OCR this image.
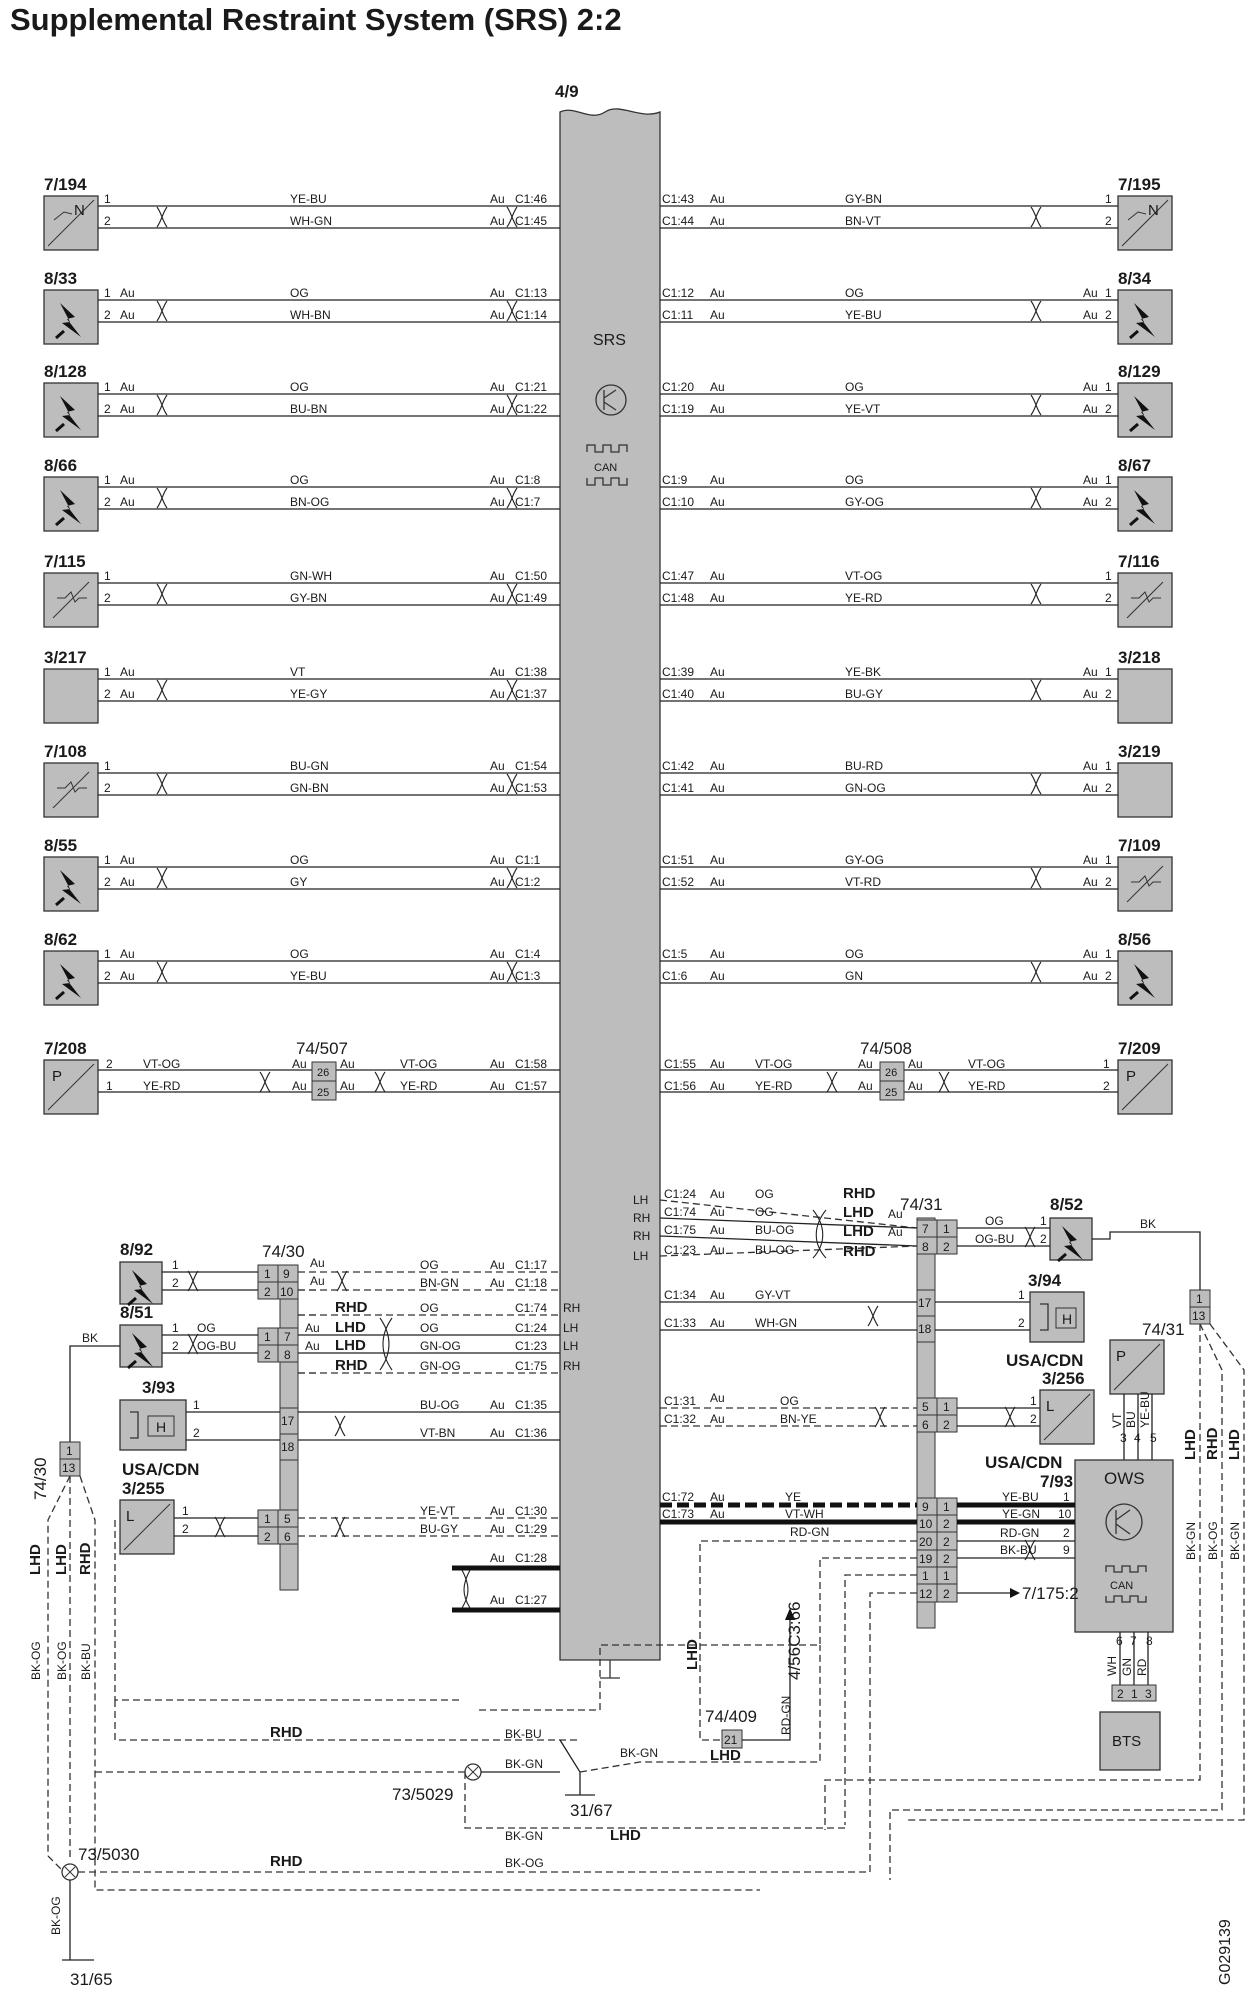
Supplemental Restraint System (SRS) 2:2
4/9
SRS
CAN
N
7/194
8/33
8/128
8/66
7/115
3/217
7/108
8/55
8/62
P
7/208
N
7/195
8/34
8/129
8/67
7/116
3/218
3/219
7/109
8/56
P
7/209
1
2
YE-BU
WH-GN
Au
Au
C1:46
C1:45
1
2
Au
Au
OG
WH-BN
Au
Au
C1:13
C1:14
1
2
Au
Au
OG
BU-BN
Au
Au
C1:21
C1:22
1
2
Au
Au
OG
BN-OG
Au
Au
C1:8
C1:7
1
2
GN-WH
GY-BN
Au
Au
C1:50
C1:49
1
2
Au
Au
VT
YE-GY
Au
Au
C1:38
C1:37
1
2
BU-GN
GN-BN
Au
Au
C1:54
C1:53
1
2
Au
Au
OG
GY
Au
Au
C1:1
C1:2
1
2
Au
Au
OG
YE-BU
Au
Au
C1:4
C1:3
C1:43
C1:44
Au
Au
GY-BN
BN-VT
1
2
C1:12
C1:11
Au
Au
OG
YE-BU
Au
Au
1
2
C1:20
C1:19
Au
Au
OG
YE-VT
Au
Au
1
2
C1:9
C1:10
Au
Au
OG
GY-OG
Au
Au
1
2
C1:47
C1:48
Au
Au
VT-OG
YE-RD
1
2
C1:39
C1:40
Au
Au
YE-BK
BU-GY
Au
Au
1
2
C1:42
C1:41
Au
Au
BU-RD
GN-OG
Au
Au
1
2
C1:51
C1:52
Au
Au
GY-OG
VT-RD
Au
Au
1
2
C1:5
C1:6
Au
Au
OG
GN
Au
Au
1
2
2
1
VT-OG
YE-RD
74/507
26
25
Au
Au
Au
Au
VT-OG
YE-RD
Au
Au
C1:58
C1:57
C1:55
C1:56
Au
Au
VT-OG
YE-RD
74/508
26
25
Au
Au
Au
Au
VT-OG
YE-RD
1
2
74/30
1
2
9
10
1
2
7
8
17
18
1
2
5
6
8/92
1
2
Au
Au
OG
BN-GN
Au
Au
C1:17
C1:18
8/51
1
2
OG
OG-BU
BK
RHD
LHD
LHD
RHD
Au
Au
OG
OG
GN-OG
GN-OG
C1:74
C1:24
C1:23
C1:75
RH
LH
LH
RH
H
3/93
1
2
BU-OG
VT-BN
Au
Au
C1:35
C1:36
L
USA/CDN
3/255
1
2
YE-VT
BU-GY
Au
Au
C1:30
C1:29
Au
Au
C1:28
C1:27
1
13
74/30
LHD LHD RHD
BK-OG BK-OG BK-BU
74/31
7
8
1
2
17
18
5
6
1
2
9
10
20
19
1
12
1
2
2
2
1
2
LH
RH
RH
LH
C1:24
C1:74
C1:75
C1:23
Au
Au
Au
Au
OG
OG
BU-OG
BU-OG
RHD
LHD
LHD
RHD
Au
Au
8/52
OG
OG-BU
1
2
BK
1
13
74/31
LHD RHD LHD
BK-GN BK-OG BK-GN
H
3/94
1
2
C1:34
C1:33
Au
Au
GY-VT
WH-GN
L
USA/CDN
3/256
1
2
C1:31
C1:32
Au
Au
OG
BN-YE
P
VT BU YE-BU
3 4 5
USA/CDN
7/93 OWS
CAN
C1:72
C1:73
Au
Au
YE
VT-WH
YE-BU
YE-GN
1
10
RD-GN
BK-BU
2
9
RD-GN
7/175:2
21
74/409
LHD	4/56C3:66
RD-GN
WH GN RD
6 7 8
2 1 3
BTS
BK-BU
BK-GN
BK-GN
BK-GN
BK-OG
RHD
LHD
LHD
RHD
73/5029
31/67
73/5030
BK-OG
31/65	G029139
